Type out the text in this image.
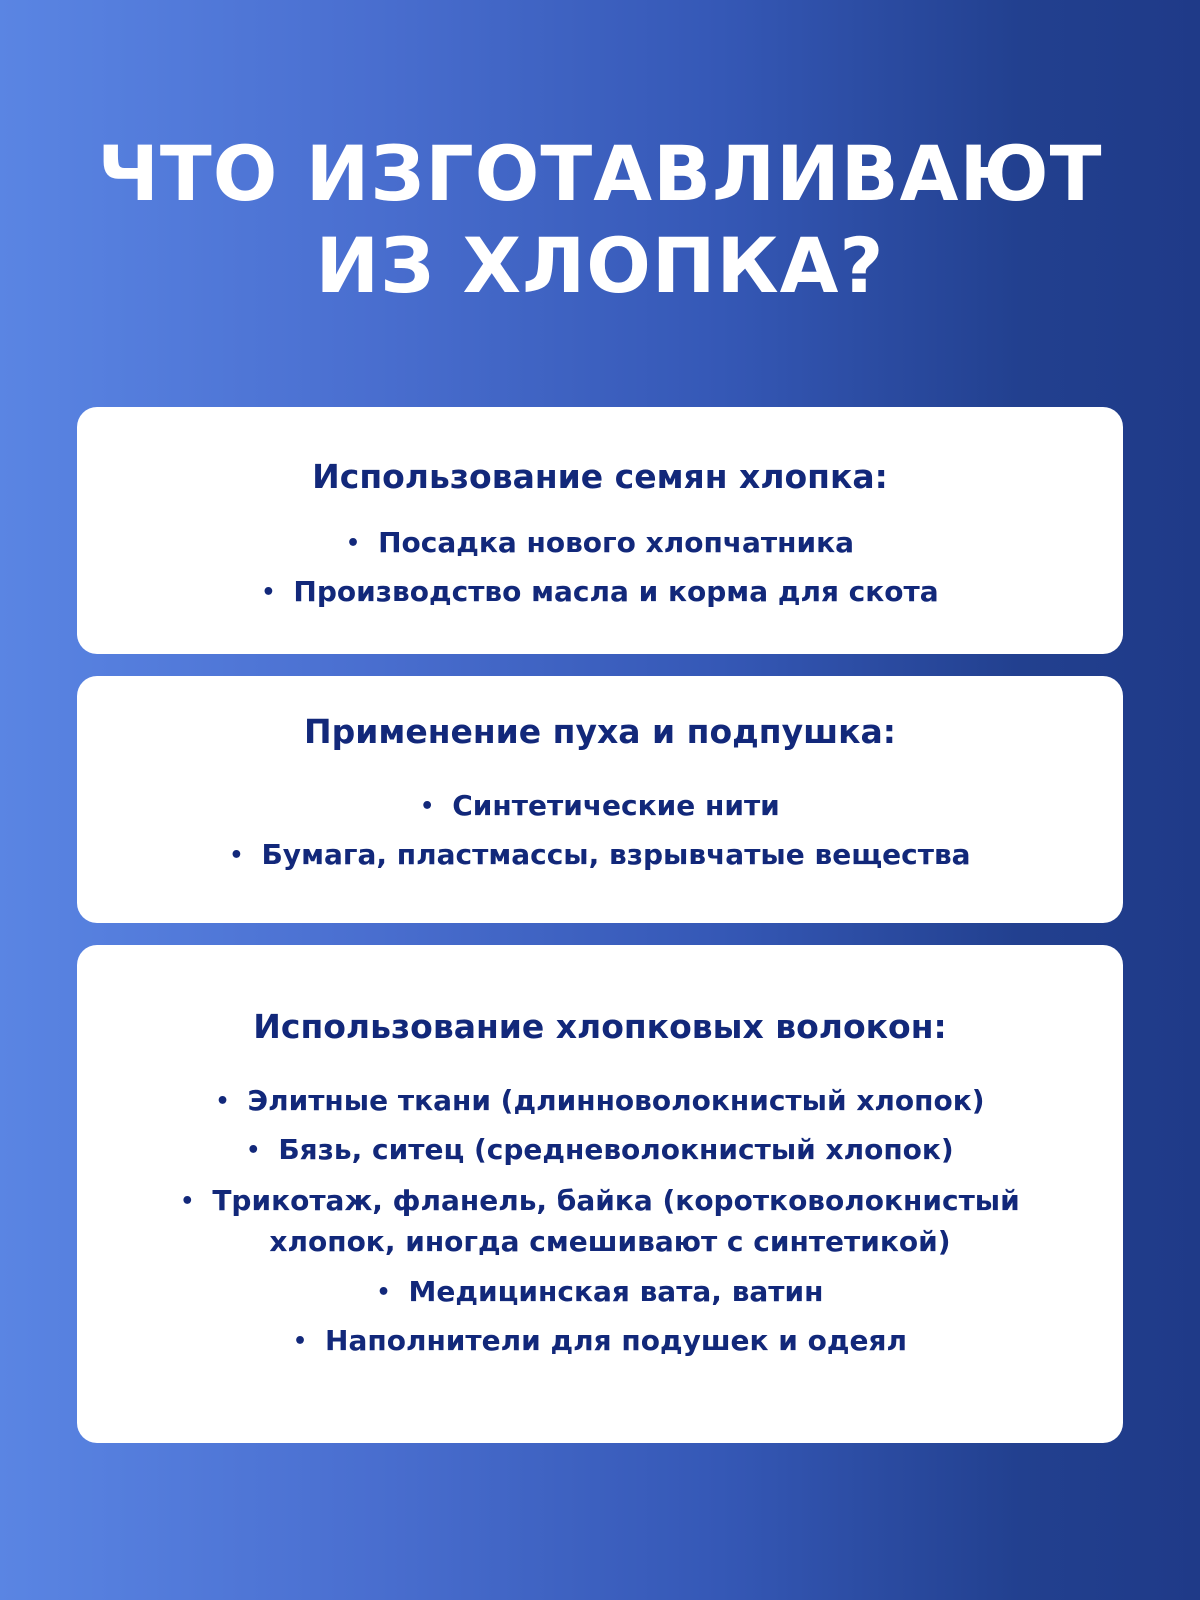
ЧТО ИЗГОТАВЛИВАЮТ
ИЗ ХЛОПКА?
Использование семян хлопка:
• Посадка нового хлопчатника
• Производство масла и корма для скота
Применение пуха и подпушка:
• Синтетические нити
• Бумага, пластмассы, взрывчатые вещества
Использование хлопковых волокон:
• Элитные ткани (длинноволокнистый хлопок)
• Бязь, ситец (средневолокнистый хлопок)
• Трикотаж, фланель, байка (коротковолокнистый
хлопок, иногда смешивают с синтетикой)
• Медицинская вата, ватин
• Наполнители для подушек и одеял
